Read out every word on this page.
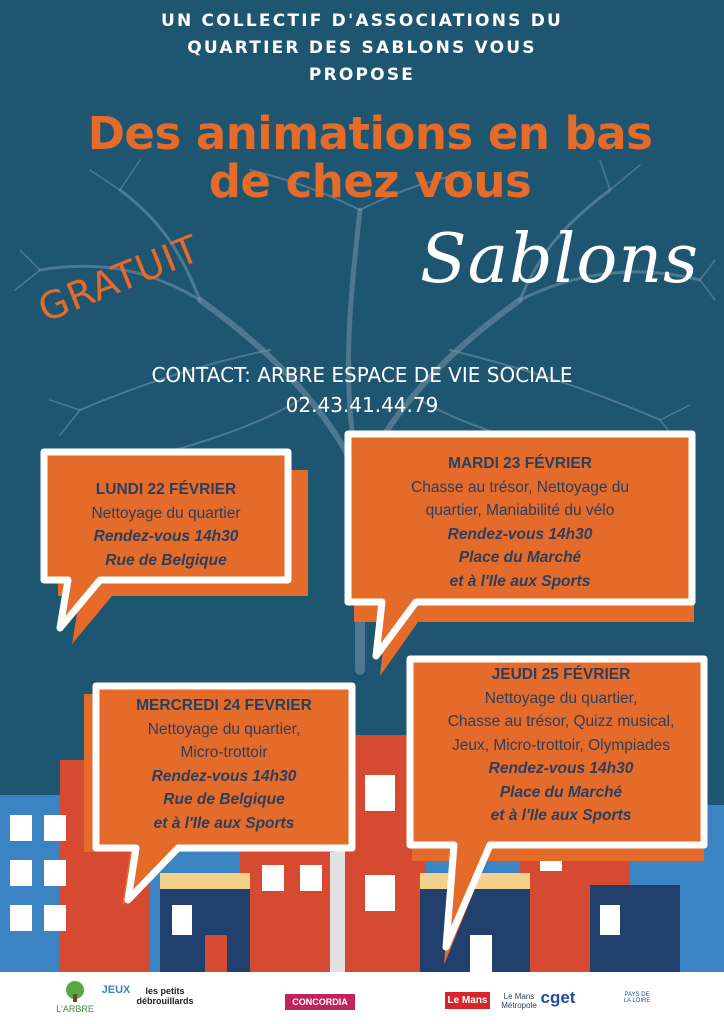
UN COLLECTIF D'ASSOCIATIONS DU
QUARTIER DES SABLONS VOUS
PROPOSE
Des animations en bas
de chez vous
Sablons
GRATUIT
CONTACT: ARBRE ESPACE DE VIE SOCIALE
02.43.41.44.79
LUNDI 22 FÉVRIER
Nettoyage du quartier
Rendez-vous 14h30
Rue de Belgique
MARDI 23 FÉVRIER
Chasse au trésor, Nettoyage du
quartier, Maniabilité du vélo
Rendez-vous 14h30
Place du Marché
et à l'Ile aux Sports
MERCREDI 24 FEVRIER
Nettoyage du quartier,
Micro-trottoir
Rendez-vous 14h30
Rue de Belgique
et à l'Ile aux Sports
JEUDI 25 FÉVRIER
Nettoyage du quartier,
Chasse au trésor, Quizz musical,
Jeux, Micro-trottoir, Olympiades
Rendez-vous 14h30
Place du Marché
et à l'Ile aux Sports
L'ARBRE
JEUX	les petits débrouillards	CONCORDIA	Le Mans	Le Mans Métropole cget	PAYS DE LA LOIRE
